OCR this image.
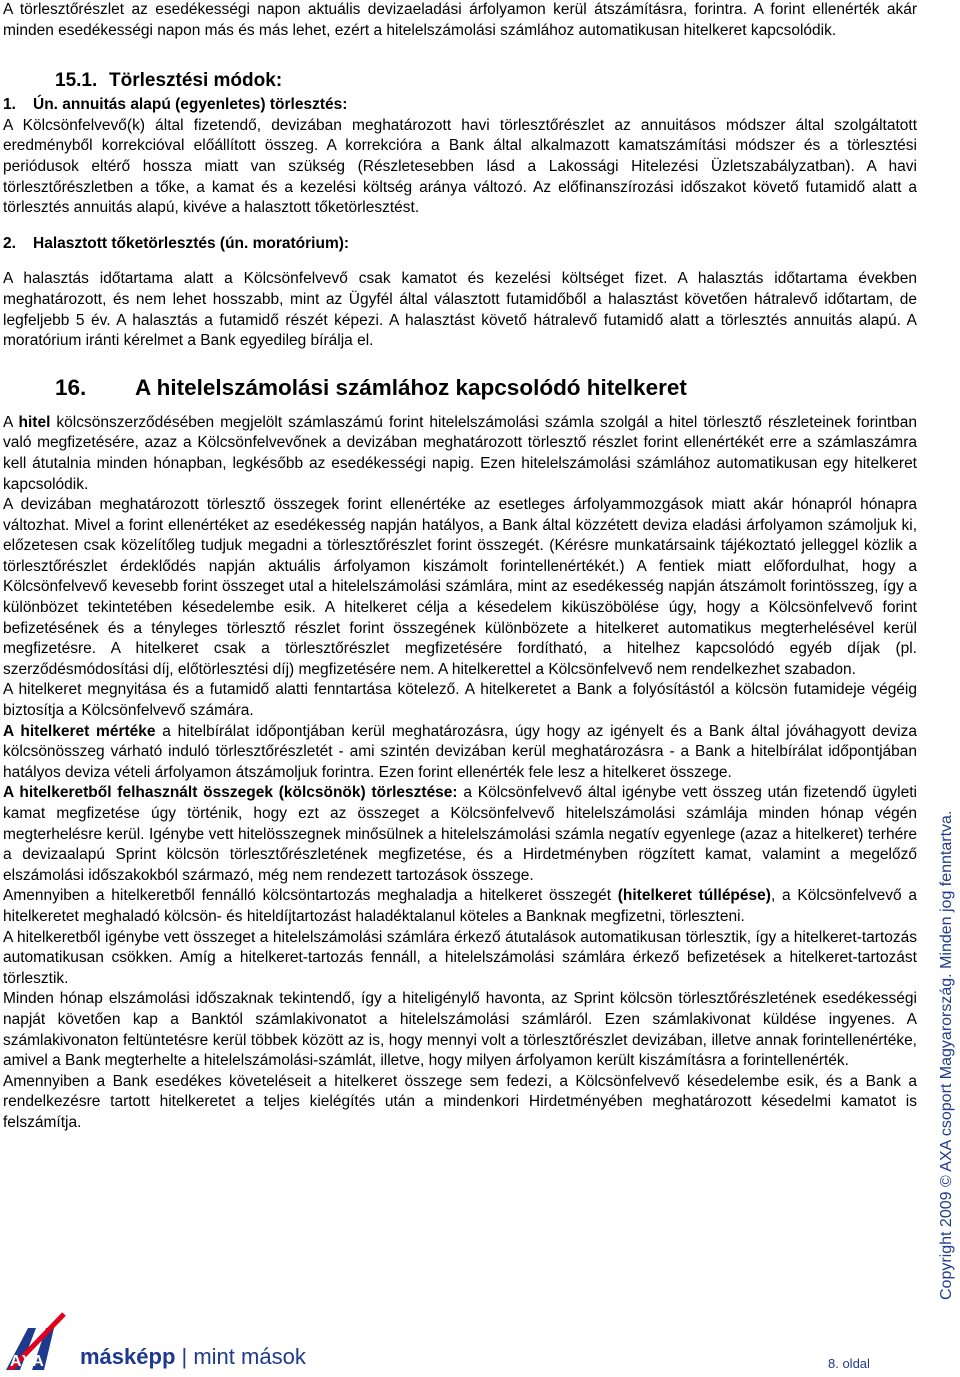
A törlesztőrészlet az esedékességi napon aktuális devizaeladási árfolyamon kerül átszámításra, forintra. A forint ellenérték akár minden esedékességi napon más és más lehet, ezért a hitelelszámolási számlához automatikusan hitelkeret kapcsolódik.

15.1. Törlesztési módok:
1. Ún. annuitás alapú (egyenletes) törlesztés:

A Kölcsönfelvevő(k) által fizetendő, devizában meghatározott havi törlesztőrészlet az annuitásos módszer által szolgáltatott eredményből korrekcióval előállított összeg. A korrekcióra a Bank által alkalmazott kamatszámítási módszer és a törlesztési periódusok eltérő hossza miatt van szükség (Részletesebben lásd a Lakossági Hitelezési Üzletszabályzatban). A havi törlesztőrészletben a tőke, a kamat és a kezelési költség aránya változó. Az előfinanszírozási időszakot követő futamidő alatt a törlesztés annuitás alapú, kivéve a halasztott tőketörlesztést.

2. Halasztott tőketörlesztés (ún. moratórium):

A halasztás időtartama alatt a Kölcsönfelvevő csak kamatot és kezelési költséget fizet. A halasztás időtartama években meghatározott, és nem lehet hosszabb, mint az Ügyfél által választott futamidőből a halasztást követően hátralevő időtartam, de legfeljebb 5 év. A halasztás a futamidő részét képezi. A halasztást követő hátralevő futamidő alatt a törlesztés annuitás alapú. A moratórium iránti kérelmet a Bank egyedileg bírálja el.

16. A hitelelszámolási számlához kapcsolódó hitelkeret

A hitel kölcsönszerződésében megjelölt számlaszámú forint hitelelszámolási számla szolgál a hitel törlesztő részleteinek forintban való megfizetésére, azaz a Kölcsönfelvevőnek a devizában meghatározott törlesztő részlet forint ellenértékét erre a számlaszámra kell átutalnia minden hónapban, legkésőbb az esedékességi napig. Ezen hitelelszámolási számlához automatikusan egy hitelkeret kapcsolódik.

A devizában meghatározott törlesztő összegek forint ellenértéke az esetleges árfolyammozgások miatt akár hónapról hónapra változhat. Mivel a forint ellenértéket az esedékesség napján hatályos, a Bank által közzétett deviza eladási árfolyamon számoljuk ki, előzetesen csak közelítőleg tudjuk megadni a törlesztőrészlet forint összegét. (Kérésre munkatársaink tájékoztató jelleggel közlik a törlesztőrészlet érdeklődés napján aktuális árfolyamon kiszámolt forintellenértékét.) A fentiek miatt előfordulhat, hogy a Kölcsönfelvevő kevesebb forint összeget utal a hitelelszámolási számlára, mint az esedékesség napján átszámolt forintösszeg, így a különbözet tekintetében késedelembe esik. A hitelkeret célja a késedelem kiküszöbölése úgy, hogy a Kölcsönfelvevő forint befizetésének és a tényleges törlesztő részlet forint összegének különbözete a hitelkeret automatikus megterhelésével kerül megfizetésre. A hitelkeret csak a törlesztőrészlet megfizetésére fordítható, a hitelhez kapcsolódó egyéb díjak (pl. szerződésmódosítási díj, előtörlesztési díj) megfizetésére nem. A hitelkerettel a Kölcsönfelvevő nem rendelkezhet szabadon.

A hitelkeret megnyitása és a futamidő alatti fenntartása kötelező. A hitelkeretet a Bank a folyósítástól a kölcsön futamideje végéig biztosítja a Kölcsönfelvevő számára.

A hitelkeret mértéke a hitelbírálat időpontjában kerül meghatározásra, úgy hogy az igényelt és a Bank által jóváhagyott deviza kölcsönösszeg várható induló törlesztőrészletét - ami szintén devizában kerül meghatározásra - a Bank a hitelbírálat időpontjában hatályos deviza vételi árfolyamon átszámoljuk forintra. Ezen forint ellenérték fele lesz a hitelkeret összege.

A hitelkeretből felhasznált összegek (kölcsönök) törlesztése: a Kölcsönfelvevő által igénybe vett összeg után fizetendő ügyleti kamat megfizetése úgy történik, hogy ezt az összeget a Kölcsönfelvevő hitelelszámolási számlája minden hónap végén megterhelésre kerül. Igénybe vett hitelösszegnek minősülnek a hitelelszámolási számla negatív egyenlege (azaz a hitelkeret) terhére a devizaalapú Sprint kölcsön törlesztőrészletének megfizetése, és a Hirdetményben rögzített kamat, valamint a megelőző elszámolási időszakokból származó, még nem rendezett tartozások összege.

Amennyiben a hitelkeretből fennálló kölcsöntartozás meghaladja a hitelkeret összegét (hitelkeret túllépése), a Kölcsönfelvevő a hitelkeretet meghaladó kölcsön- és hiteldíjtartozást haladéktalanul köteles a Banknak megfizetni, törleszteni.

A hitelkeretből igénybe vett összeget a hitelelszámolási számlára érkező átutalások automatikusan törlesztik, így a hitelkeret-tartozás automatikusan csökken. Amíg a hitelkeret-tartozás fennáll, a hitelelszámolási számlára érkező befizetések a hitelkeret-tartozást törlesztik.

Minden hónap elszámolási időszaknak tekintendő, így a hiteligénylő havonta, az Sprint kölcsön törlesztőrészletének esedékességi napját követően kap a Banktól számlakivonatot a hitelelszámolási számláról. Ezen számlakivonat küldése ingyenes. A számlakivonaton feltüntetésre kerül többek között az is, hogy mennyi volt a törlesztőrészlet devizában, illetve annak forintellenértéke, amivel a Bank megterhelte a hitelelszámolási-számlát, illetve, hogy milyen árfolyamon került kiszámításra a forintellenérték.

Amennyiben a Bank esedékes követeléseit a hitelkeret összege sem fedezi, a Kölcsönfelvevő késedelembe esik, és a Bank a rendelkezésre tartott hitelkeretet a teljes kielégítés után a mindenkori Hirdetményében meghatározott késedelmi kamatot is felszámítja.	Copyright 2009 © AXA csoport Magyarország. Minden jog fenntartva.
AXA másképp | mint mások	8. oldal
